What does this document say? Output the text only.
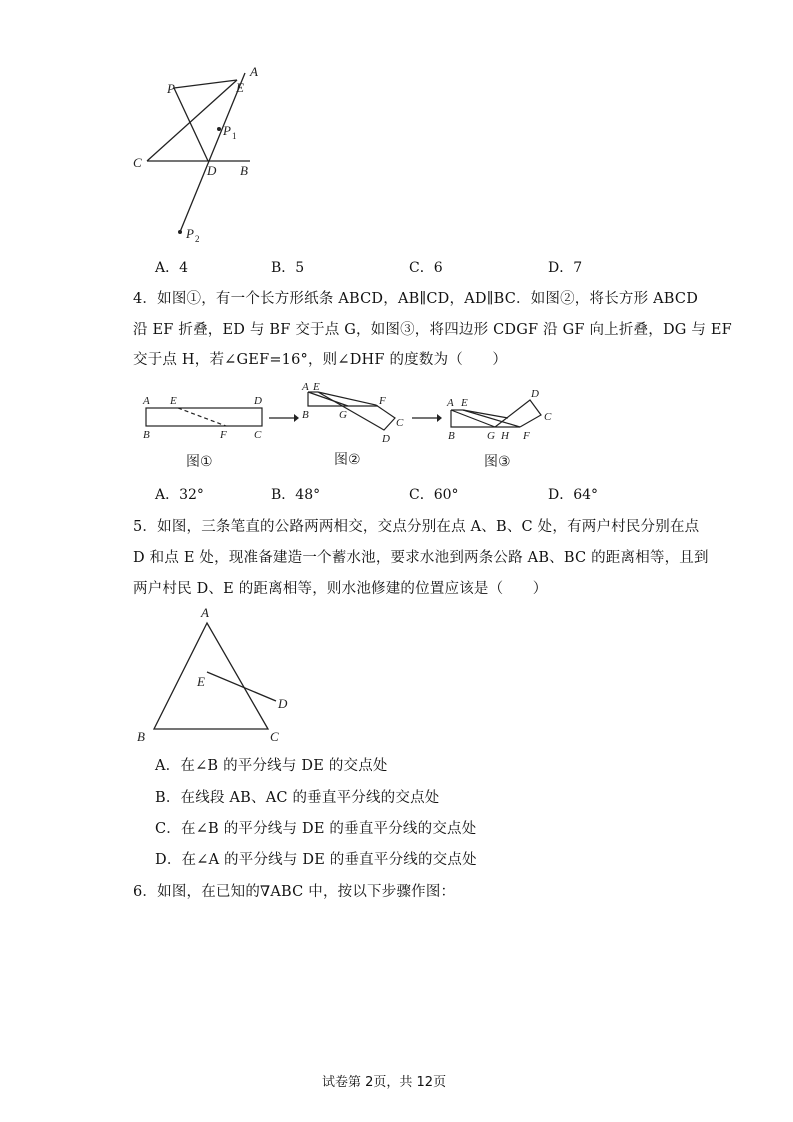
P	E
A
P 1
C
D B
P 2
A．4	B．5	C．6	D．7
4．如图①，有一个长方形纸条 ABCD，AB∥CD，AD∥BC．如图②，将长方形 ABCD
沿 EF 折叠，ED 与 BF 交于点 G，如图③，将四边形 CDGF 沿 GF 向上折叠，DG 与 EF
交于点 H，若∠GEF=16°，则∠DHF 的度数为（　　）
A E	D
B	F C
图①
A E
B	G
F
C
D
图②
A E
D
C
B	G H F
图③
A．32°	B．48°	C．60°	D．64°
5．如图，三条笔直的公路两两相交，交点分别在点 A、B、C 处，有两户村民分别在点
D 和点 E 处，现准备建造一个蓄水池，要求水池到两条公路 AB、BC 的距离相等，且到
两户村民 D、E 的距离相等，则水池修建的位置应该是（　　）
A
E
D
B	C
A．在∠B 的平分线与 DE 的交点处
B．在线段 AB、AC 的垂直平分线的交点处
C．在∠B 的平分线与 DE 的垂直平分线的交点处
D．在∠A 的平分线与 DE 的垂直平分线的交点处
6．如图，在已知的∇ABC 中，按以下步骤作图：
试卷第 2页，共 12页
